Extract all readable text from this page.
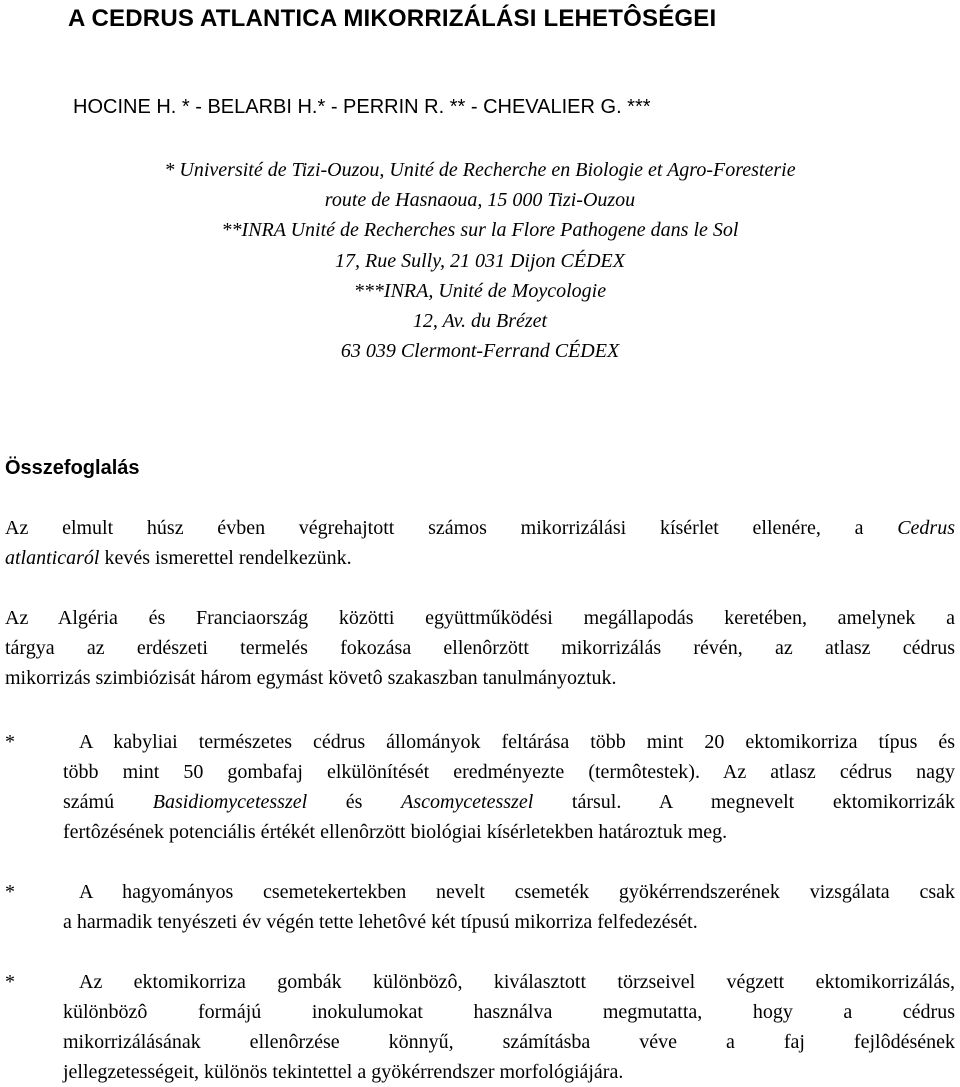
A CEDRUS ATLANTICA MIKORRIZÁLÁSI LEHETÔSÉGEI

HOCINE H. * - BELARBI H.* - PERRIN R. ** - CHEVALIER G. ***

* Université de Tizi-Ouzou, Unité de Recherche en Biologie et Agro-Foresterie
route de Hasnaoua, 15 000 Tizi-Ouzou
**INRA Unité de Recherches sur la Flore Pathogene dans le Sol
17, Rue Sully, 21 031 Dijon CÉDEX
***INRA, Unité de Moycologie
12, Av. du Brézet
63 039 Clermont-Ferrand CÉDEX
Összefoglalás
Az elmult húsz évben végrehajtott számos mikorrizálási kísérlet ellenére, a Cedrus
atlanticaról kevés ismerettel rendelkezünk.
Az Algéria és Franciaország közötti együttműködési megállapodás keretében, amelynek a
tárgya az erdészeti termelés fokozása ellenôrzött mikorrizálás révén, az atlasz cédrus
mikorrizás szimbiózisát három egymást követô szakaszban tanulmányoztuk.
*	A kabyliai természetes cédrus állományok feltárása több mint 20 ektomikorriza típus és
több mint 50 gombafaj elkülönítését eredményezte (termôtestek). Az atlasz cédrus nagy
számú Basidiomycetesszel és Ascomycetesszel társul. A megnevelt ektomikorrizák
fertôzésének potenciális értékét ellenôrzött biológiai kísérletekben határoztuk meg.
*	A hagyományos csemetekertekben nevelt csemeték gyökérrendszerének vizsgálata csak
a harmadik tenyészeti év végén tette lehetôvé két típusú mikorriza felfedezését.
*	Az ektomikorriza gombák különbözô, kiválasztott törzseivel végzett ektomikorrizálás,
különbözô formájú inokulumokat használva megmutatta, hogy a cédrus
mikorrizálásának ellenôrzése könnyű, számításba véve a faj fejlôdésének
jellegzetességeit, különös tekintettel a gyökérrendszer morfológiájára.
